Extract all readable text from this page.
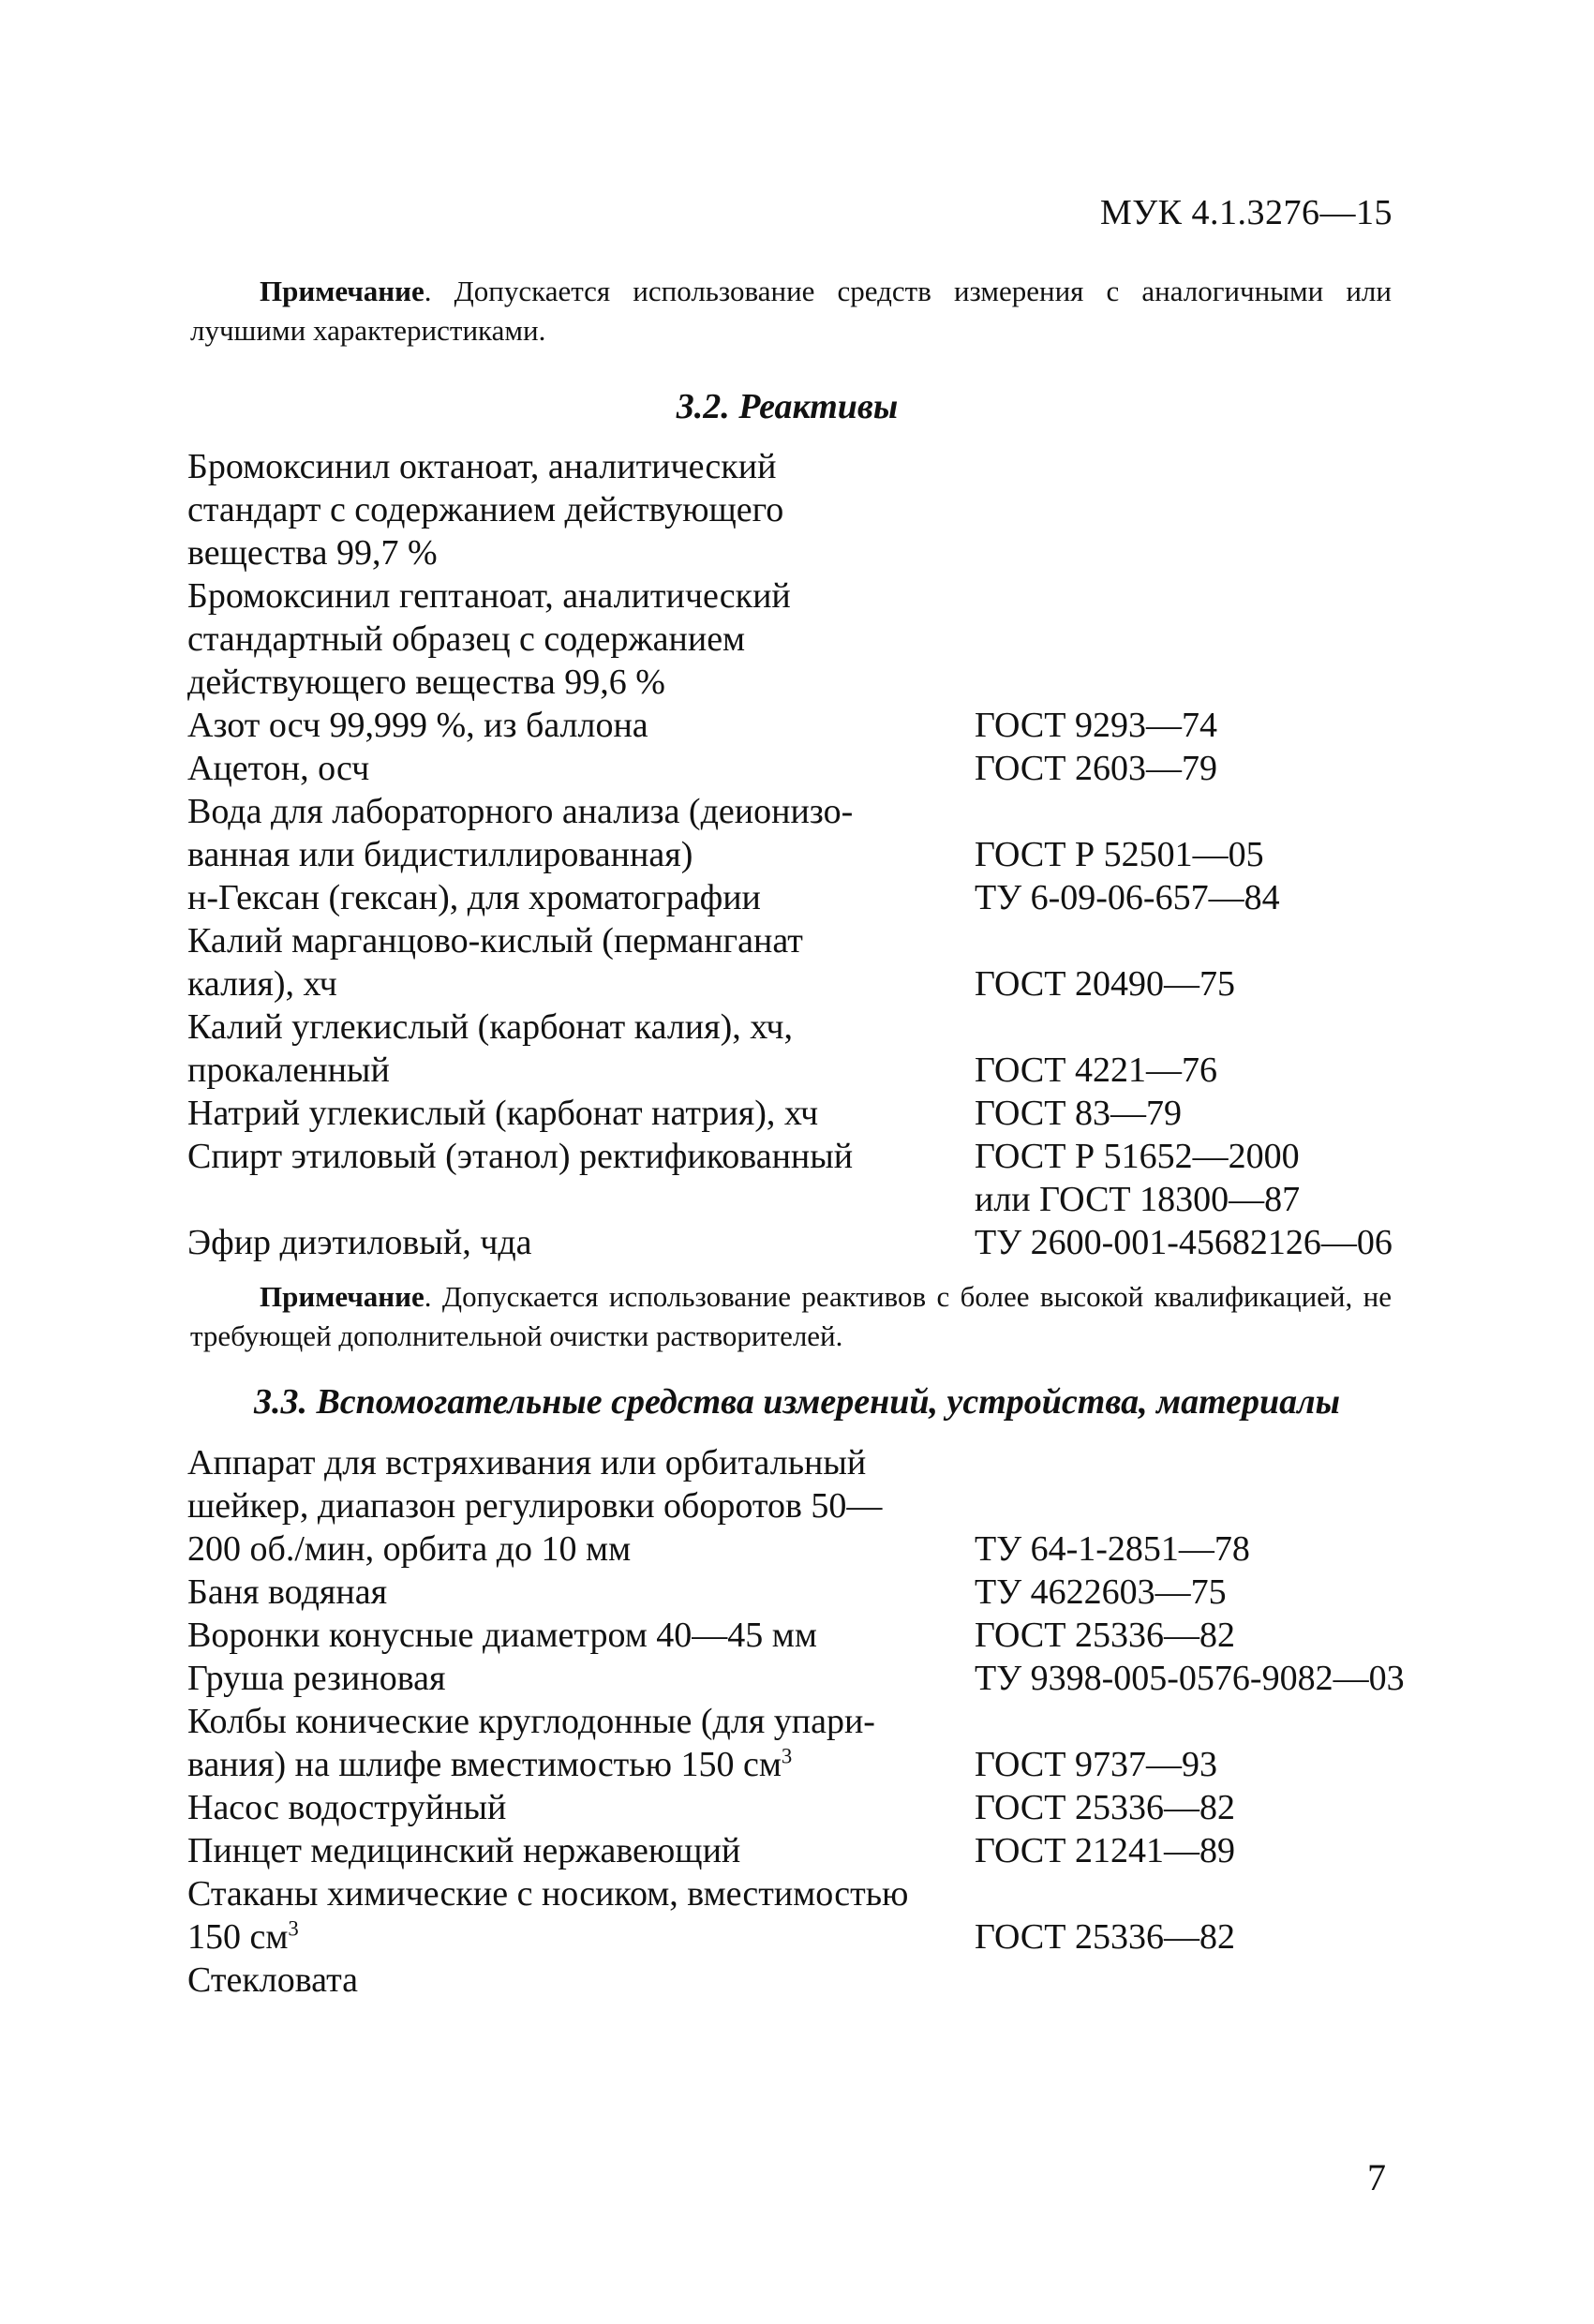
МУК 4.1.3276—15

Примечание. Допускается использование средств измерения с аналогичными или лучшими характеристиками.

3.2. Реактивы
Бромоксинил октаноат, аналитический
стандарт с содержанием действующего
вещества 99,7 %
Бромоксинил гептаноат, аналитический
стандартный образец с содержанием
действующего вещества 99,6 %
Азот осч 99,999 %, из баллона	ГОСТ 9293—74
Ацетон, осч	ГОСТ 2603—79
Вода для лабораторного анализа (деионизо-
ванная или бидистиллированная)	ГОСТ Р 52501—05
н-Гексан (гексан), для хроматографии	ТУ 6-09-06-657—84
Калий марганцово-кислый (перманганат
калия), хч	ГОСТ 20490—75
Калий углекислый (карбонат калия), хч,
прокаленный	ГОСТ 4221—76
Натрий углекислый (карбонат натрия), хч	ГОСТ 83—79
Спирт этиловый (этанол) ректификованный	ГОСТ Р 51652—2000
или ГОСТ 18300—87
Эфир диэтиловый, чда	ТУ 2600-001-45682126—06

Примечание. Допускается использование реактивов с более высокой квалификацией, не требующей дополнительной очистки растворителей.

3.3. Вспомогательные средства измерений, устройства, материалы
Аппарат для встряхивания или орбитальный
шейкер, диапазон регулировки оборотов 50—
200 об./мин, орбита до 10 мм	ТУ 64-1-2851—78
Баня водяная	ТУ 4622603—75
Воронки конусные диаметром 40—45 мм	ГОСТ 25336—82
Груша резиновая	ТУ 9398-005-0576-9082—03
Колбы конические круглодонные (для упари-
вания) на шлифе вместимостью 150 $см^3$	ГОСТ 9737—93
Насос водоструйный	ГОСТ 25336—82
Пинцет медицинский нержавеющий	ГОСТ 21241—89
Стаканы химические с носиком, вместимостью
150 $см^3$	ГОСТ 25336—82
Стекловата
7
